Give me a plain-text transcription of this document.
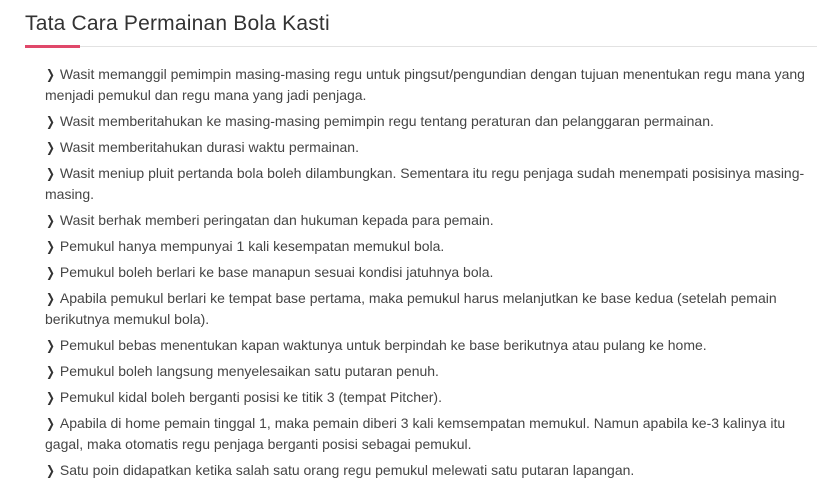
Tata Cara Permainan Bola Kasti
❯ Wasit memanggil pemimpin masing-masing regu untuk pingsut/pengundian dengan tujuan menentukan regu mana yang menjadi pemukul dan regu mana yang jadi penjaga.
❯ Wasit memberitahukan ke masing-masing pemimpin regu tentang peraturan dan pelanggaran permainan.
❯ Wasit memberitahukan durasi waktu permainan.
❯ Wasit meniup pluit pertanda bola boleh dilambungkan. Sementara itu regu penjaga sudah menempati posisinya masing-masing.
❯ Wasit berhak memberi peringatan dan hukuman kepada para pemain.
❯ Pemukul hanya mempunyai 1 kali kesempatan memukul bola.
❯ Pemukul boleh berlari ke base manapun sesuai kondisi jatuhnya bola.
❯ Apabila pemukul berlari ke tempat base pertama, maka pemukul harus melanjutkan ke base kedua (setelah pemain berikutnya memukul bola).
❯ Pemukul bebas menentukan kapan waktunya untuk berpindah ke base berikutnya atau pulang ke home.
❯ Pemukul boleh langsung menyelesaikan satu putaran penuh.
❯ Pemukul kidal boleh berganti posisi ke titik 3 (tempat Pitcher).
❯ Apabila di home pemain tinggal 1, maka pemain diberi 3 kali kemsempatan memukul. Namun apabila ke-3 kalinya itu gagal, maka otomatis regu penjaga berganti posisi sebagai pemukul.
❯ Satu poin didapatkan ketika salah satu orang regu pemukul melewati satu putaran lapangan.
